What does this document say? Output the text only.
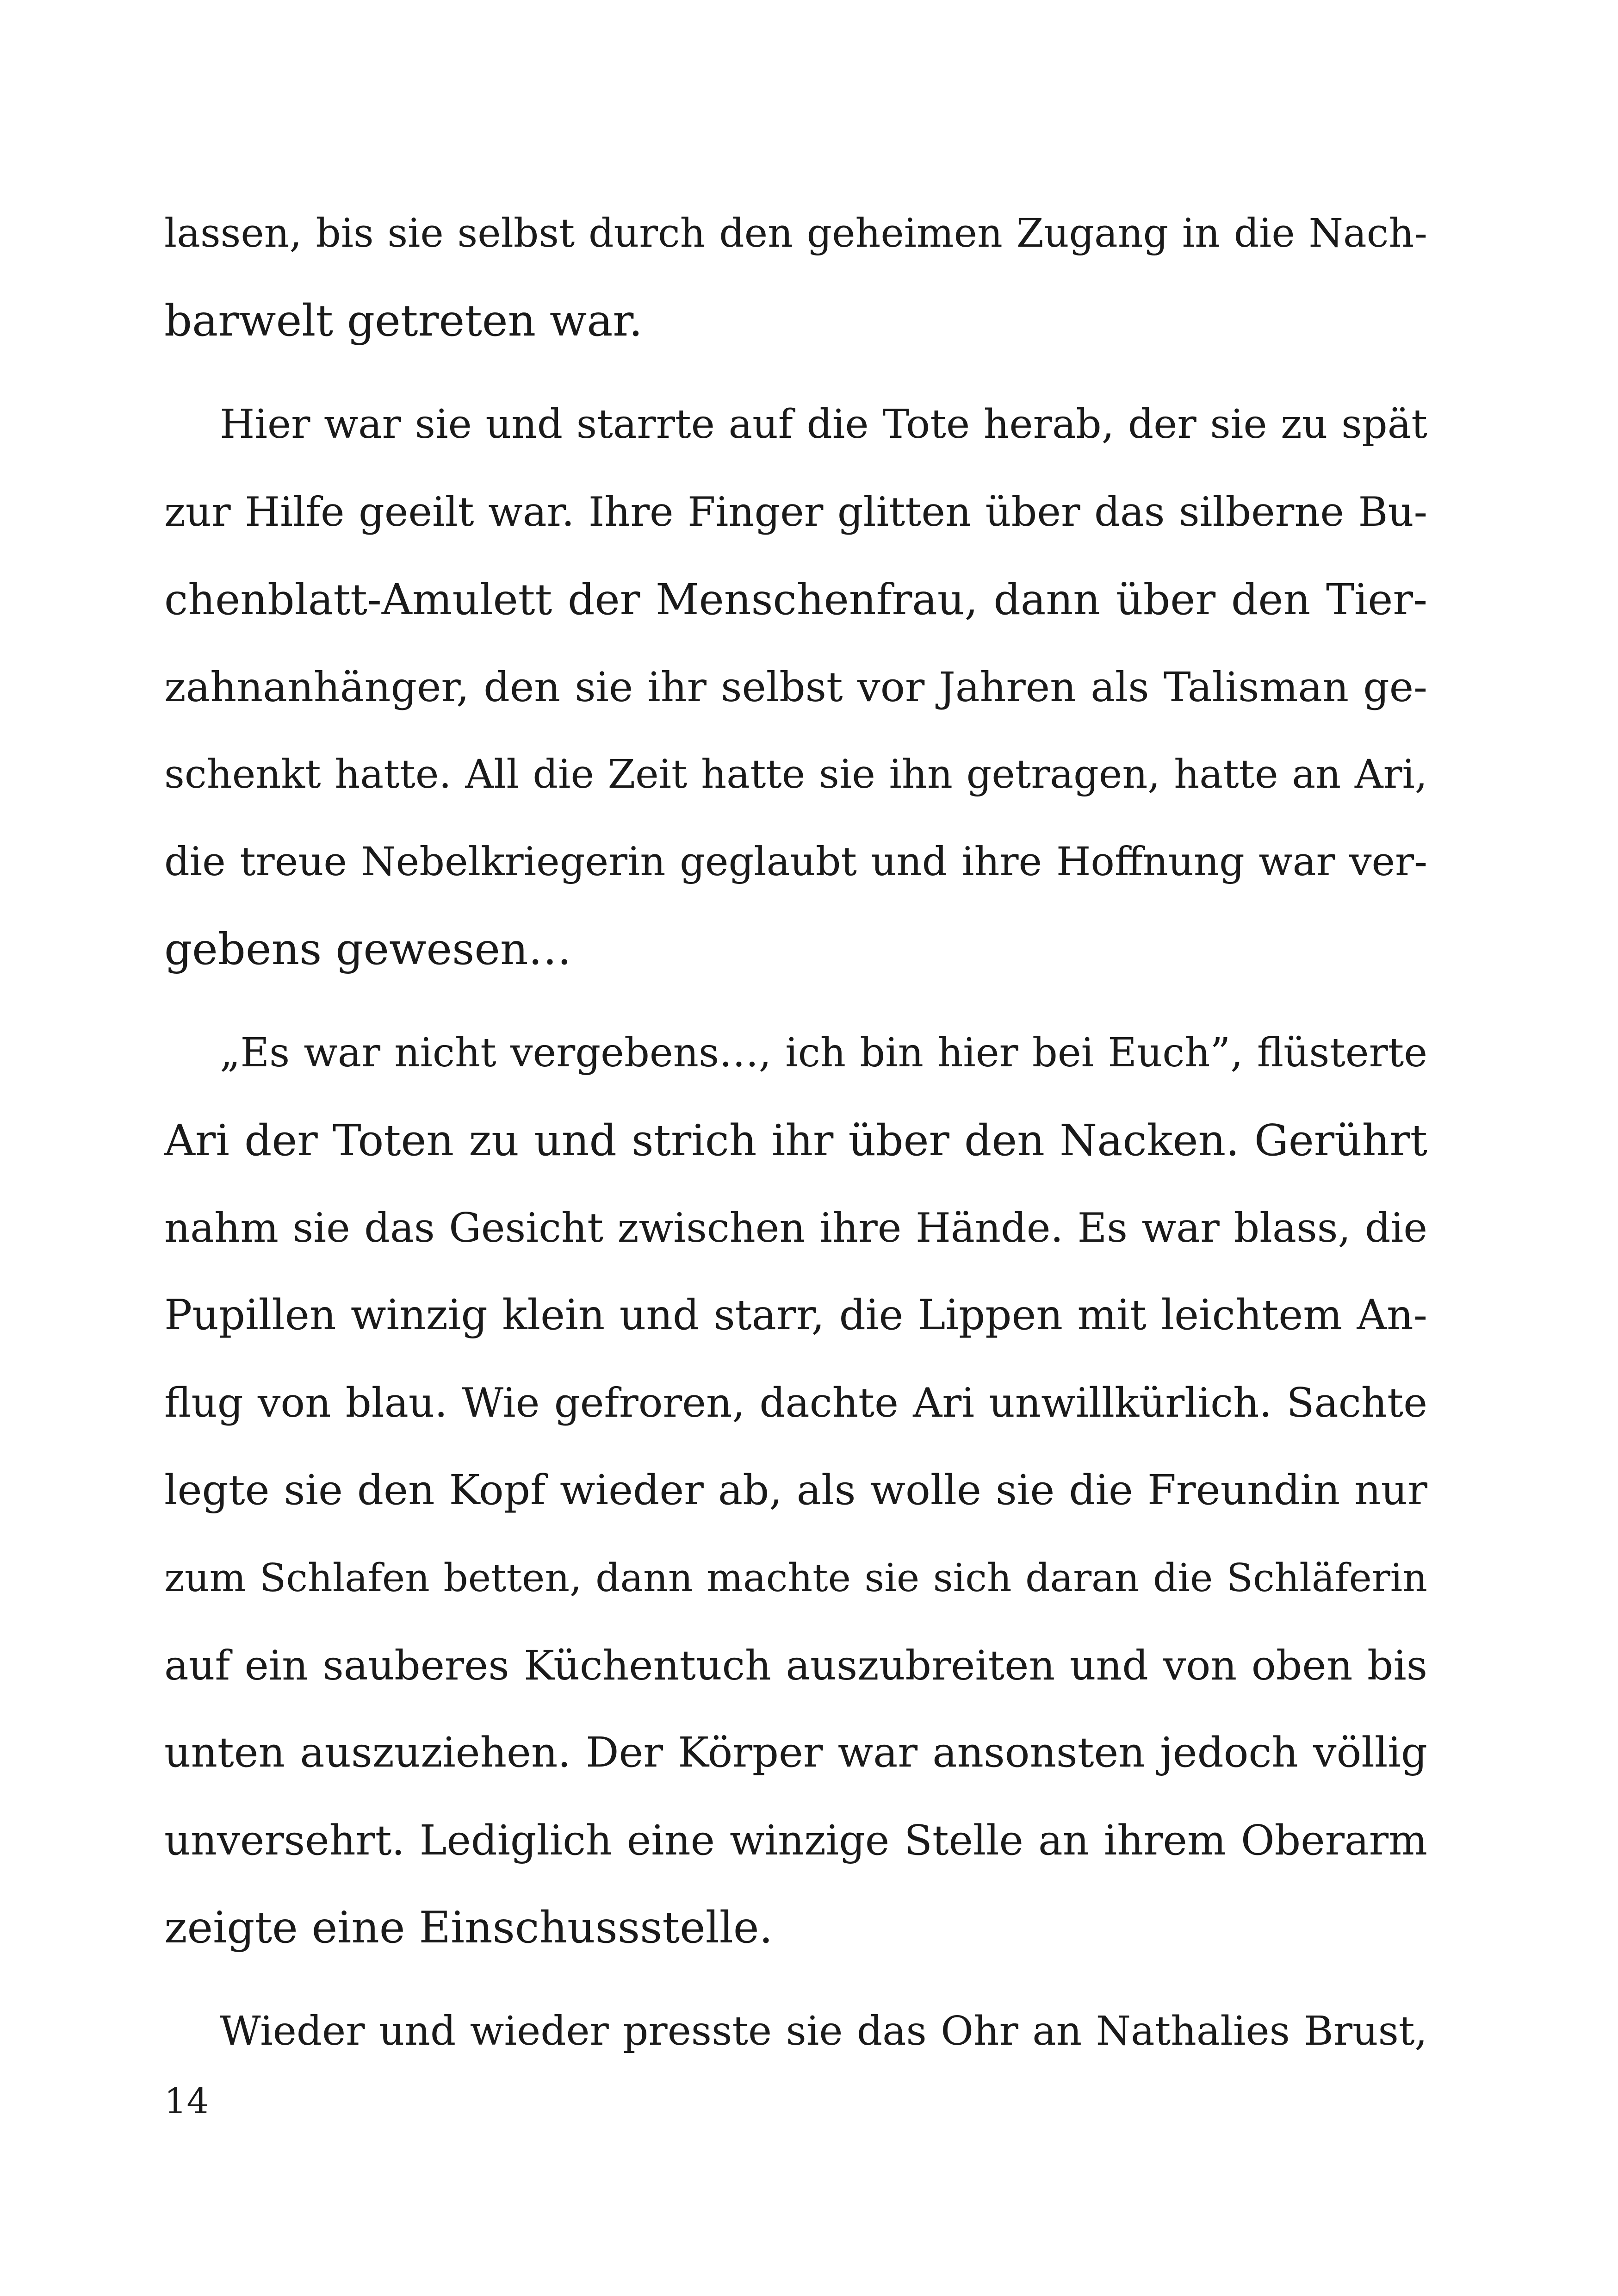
lassen, bis sie selbst durch den geheimen Zugang in die Nach-
barwelt getreten war.
Hier war sie und starrte auf die Tote herab, der sie zu spät
zur Hilfe geeilt war. Ihre Finger glitten über das silberne Bu-
chenblatt-Amulett der Menschenfrau, dann über den Tier-
zahnanhänger, den sie ihr selbst vor Jahren als Talisman ge-
schenkt hatte. All die Zeit hatte sie ihn getragen, hatte an Ari,
die treue Nebelkriegerin geglaubt und ihre Hoffnung war ver-
gebens gewesen…
„Es war nicht vergebens…, ich bin hier bei Euch”, flüsterte
Ari der Toten zu und strich ihr über den Nacken. Gerührt
nahm sie das Gesicht zwischen ihre Hände. Es war blass, die
Pupillen winzig klein und starr, die Lippen mit leichtem An-
flug von blau. Wie gefroren, dachte Ari unwillkürlich. Sachte
legte sie den Kopf wieder ab, als wolle sie die Freundin nur
zum Schlafen betten, dann machte sie sich daran die Schläferin
auf ein sauberes Küchentuch auszubreiten und von oben bis
unten auszuziehen. Der Körper war ansonsten jedoch völlig
unversehrt. Lediglich eine winzige Stelle an ihrem Oberarm
zeigte eine Einschussstelle.
Wieder und wieder presste sie das Ohr an Nathalies Brust,
14
